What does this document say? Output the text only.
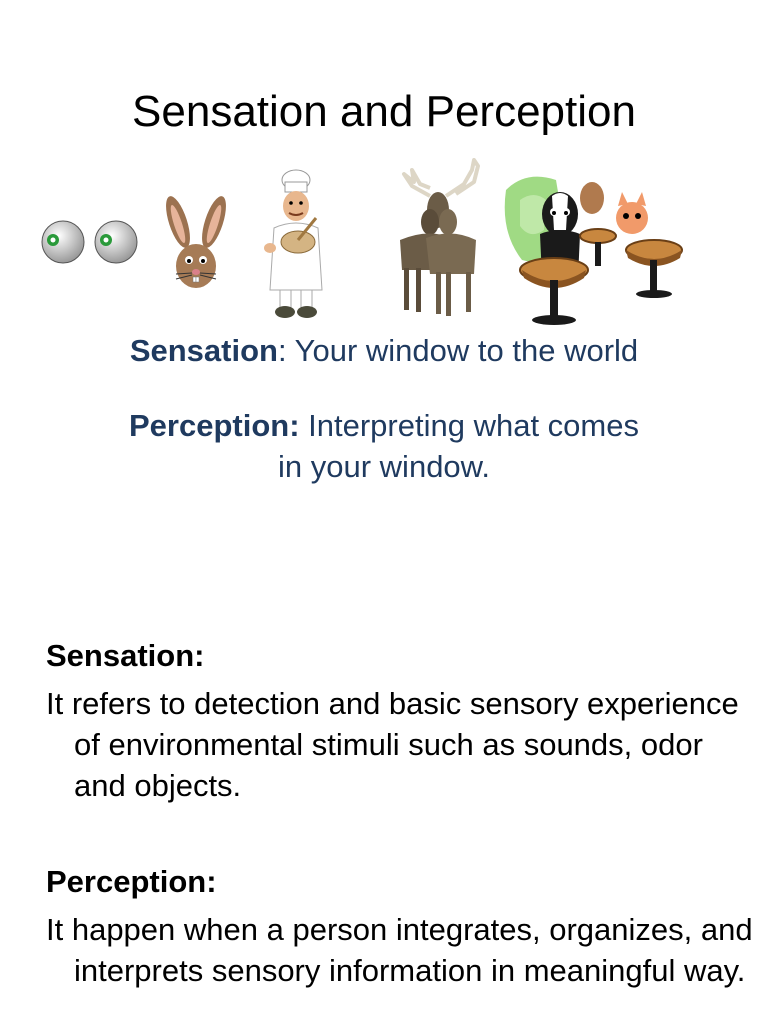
Sensation and Perception
Sensation: Your window to the world
Perception: Interpreting what comes
in your window.
Sensation:
It refers to detection and basic sensory experience of environmental stimuli such as sounds, odor and objects.
Perception:
It happen when a person integrates, organizes, and interprets sensory information in meaningful way.
